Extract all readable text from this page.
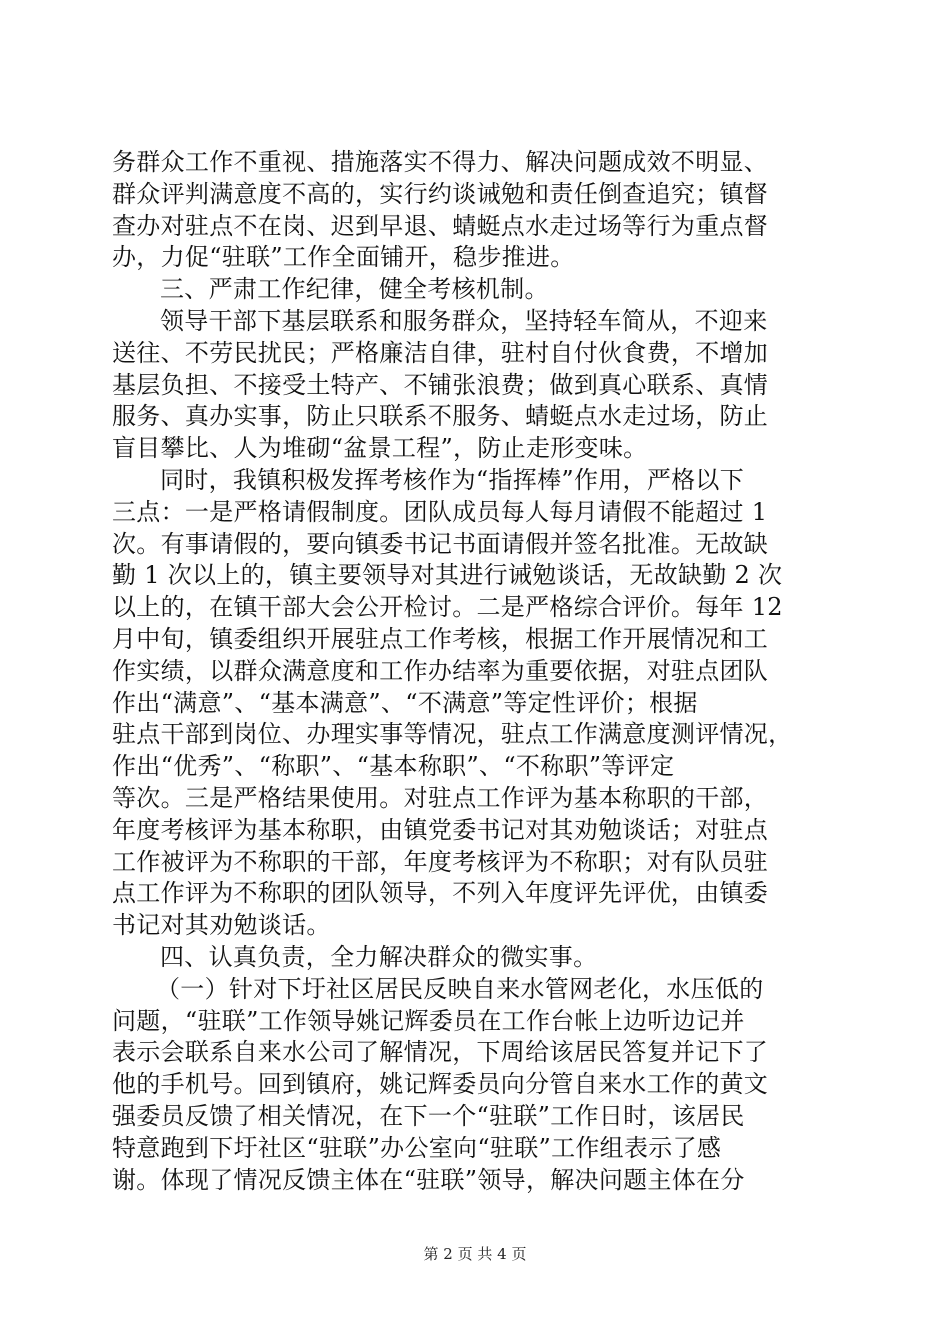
务群众工作不重视、措施落实不得力、解决问题成效不明显、
群众评判满意度不高的，实行约谈诫勉和责任倒查追究；镇督
查办对驻点不在岗、迟到早退、蜻蜓点水走过场等行为重点督
办，力促“驻联”工作全面铺开，稳步推进。
三、严肃工作纪律，健全考核机制。
领导干部下基层联系和服务群众，坚持轻车简从，不迎来
送往、不劳民扰民；严格廉洁自律，驻村自付伙食费，不增加
基层负担、不接受土特产、不铺张浪费；做到真心联系、真情
服务、真办实事，防止只联系不服务、蜻蜓点水走过场，防止
盲目攀比、人为堆砌“盆景工程”，防止走形变味。
同时，我镇积极发挥考核作为“指挥棒”作用，严格以下
三点：一是严格请假制度。团队成员每人每月请假不能超过 1
次。有事请假的，要向镇委书记书面请假并签名批准。无故缺
勤 1 次以上的，镇主要领导对其进行诫勉谈话，无故缺勤 2 次
以上的，在镇干部大会公开检讨。二是严格综合评价。每年 12
月中旬，镇委组织开展驻点工作考核，根据工作开展情况和工
作实绩，以群众满意度和工作办结率为重要依据，对驻点团队
作出“满意”、“基本满意”、“不满意”等定性评价；根据
驻点干部到岗位、办理实事等情况，驻点工作满意度测评情况，
作出“优秀”、“称职”、“基本称职”、“不称职”等评定
等次。三是严格结果使用。对驻点工作评为基本称职的干部，
年度考核评为基本称职，由镇党委书记对其劝勉谈话；对驻点
工作被评为不称职的干部，年度考核评为不称职；对有队员驻
点工作评为不称职的团队领导，不列入年度评先评优，由镇委
书记对其劝勉谈话。
四、认真负责，全力解决群众的微实事。
（一）针对下圩社区居民反映自来水管网老化，水压低的
问题，“驻联”工作领导姚记辉委员在工作台帐上边听边记并
表示会联系自来水公司了解情况，下周给该居民答复并记下了
他的手机号。回到镇府，姚记辉委员向分管自来水工作的黄文
强委员反馈了相关情况，在下一个“驻联”工作日时，该居民
特意跑到下圩社区“驻联”办公室向“驻联”工作组表示了感
谢。体现了情况反馈主体在“驻联”领导，解决问题主体在分
第 2 页 共 4 页
